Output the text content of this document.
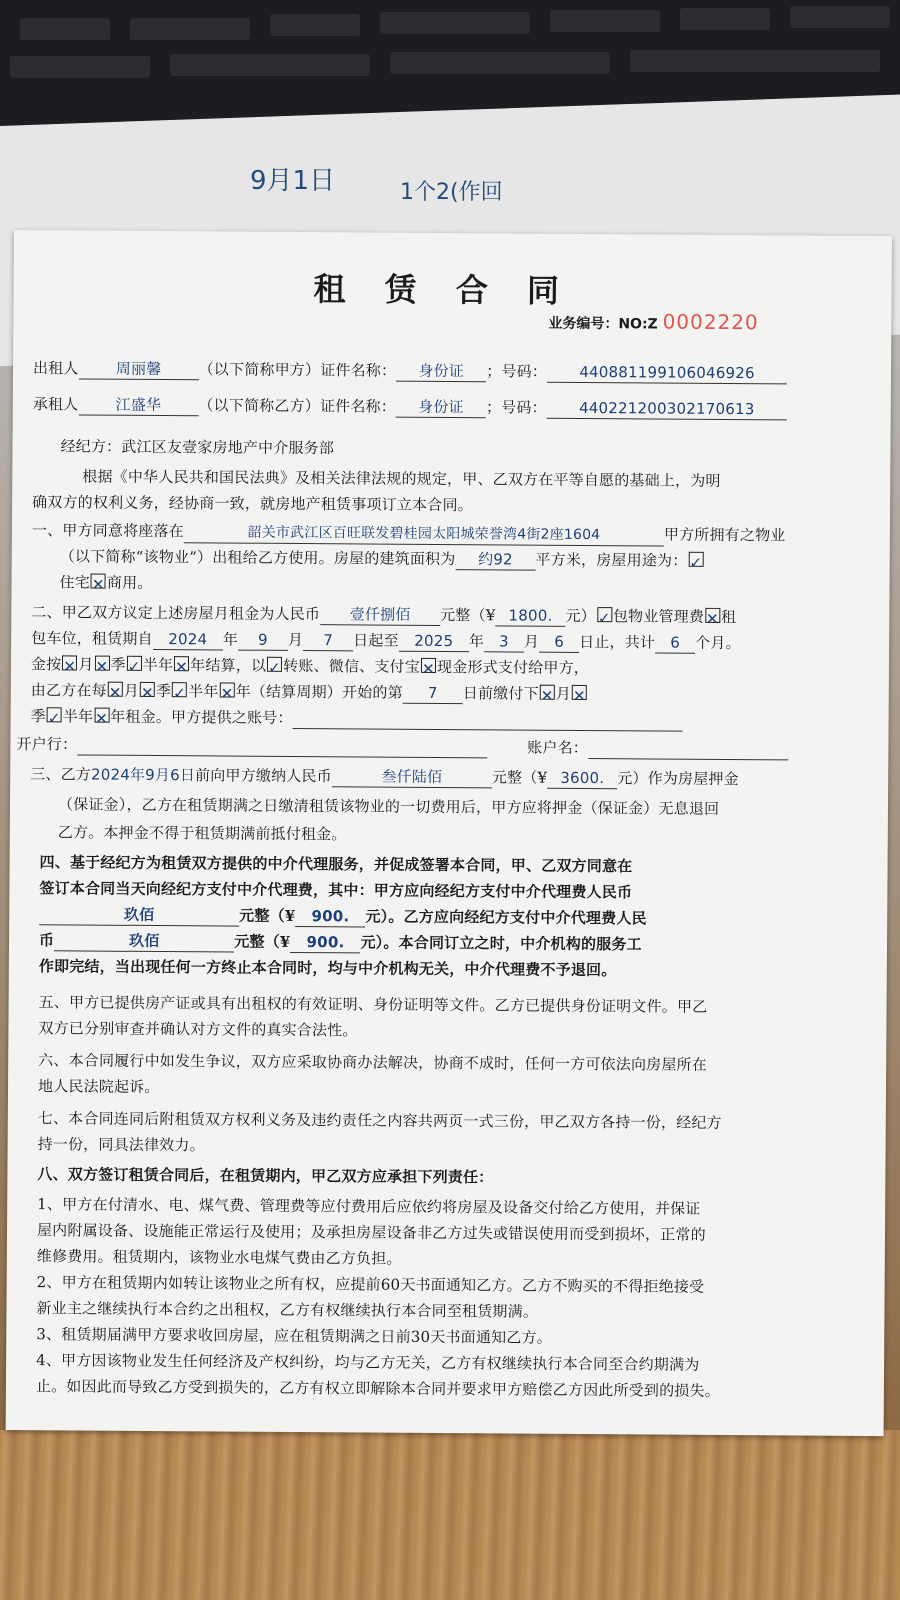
9月1日	1个2(作回
租 赁 合 同
业务编号：NO:Z 0002220
出租人 周丽馨 （以下简称甲方）证件名称： 身份证 ；号码： 440881199106046926
承租人 江盛华 （以下简称乙方）证件名称： 身份证 ；号码： 440221200302170613
经纪方：武江区友壹家房地产中介服务部
根据《中华人民共和国民法典》及相关法律法规的规定，甲、乙双方在平等自愿的基础上，为明
确双方的权利义务，经协商一致，就房地产租赁事项订立本合同。
一、甲方同意将座落在	韶关市武江区百旺联发碧桂园太阳城荣誉湾4街2座1604	甲方所拥有之物业
（以下简称“该物业”）出租给乙方使用。房屋的建筑面积为 约92 平方米，房屋用途为： ✓
住宅 ✕ 商用。
二、甲乙双方议定上述房屋月租金为人民币 壹仟捌佰 元整（¥ 1800. 元） ✓ 包物业管理费 ✕ 租
包车位，租赁期自 2024 年 9 月 7 日起至 2025 年 3 月 6 日止，共计 6 个月。
金按 ✕ 月 ✕ 季 ✓ 半年 ✕ 年结算，以 ✓ 转账、微信、支付宝 ✕ 现金形式支付给甲方，
由乙方在每 ✕ 月 ✕ 季 ✓ 半年 ✕ 年（结算周期）开始的第 7 日前缴付下 ✕ 月 ✕
季 ✓ 半年 ✕ 年租金。甲方提供之账号：
开户行：	账户名：
三、乙方2024年9月6日前向甲方缴纳人民币	叁仟陆佰	元整（¥ 3600. 元）作为房屋押金
（保证金），乙方在租赁期满之日缴清租赁该物业的一切费用后，甲方应将押金（保证金）无息退回
乙方。本押金不得于租赁期满前抵付租金。
四、基于经纪方为租赁双方提供的中介代理服务，并促成签署本合同，甲、乙双方同意在
签订本合同当天向经纪方支付中介代理费，其中：甲方应向经纪方支付中介代理费人民币
玖佰	元整（¥ 900. 元）。乙方应向经纪方支付中介代理费人民
币	玖佰	元整（¥ 900. 元）。本合同订立之时，中介机构的服务工
作即完结，当出现任何一方终止本合同时，均与中介机构无关，中介代理费不予退回。
五、甲方已提供房产证或具有出租权的有效证明、身份证明等文件。乙方已提供身份证明文件。甲乙
双方已分别审查并确认对方文件的真实合法性。
六、本合同履行中如发生争议，双方应采取协商办法解决，协商不成时，任何一方可依法向房屋所在
地人民法院起诉。
七、本合同连同后附租赁双方权利义务及违约责任之内容共两页一式三份，甲乙双方各持一份，经纪方
持一份，同具法律效力。
八、双方签订租赁合同后，在租赁期内，甲乙双方应承担下列责任：
1、甲方在付清水、电、煤气费、管理费等应付费用后应依约将房屋及设备交付给乙方使用，并保证
屋内附属设备、设施能正常运行及使用；及承担房屋设备非乙方过失或错误使用而受到损坏，正常的
维修费用。租赁期内，该物业水电煤气费由乙方负担。
2、甲方在租赁期内如转让该物业之所有权，应提前60天书面通知乙方。乙方不购买的不得拒绝接受
新业主之继续执行本合约之出租权，乙方有权继续执行本合同至租赁期满。
3、租赁期届满甲方要求收回房屋，应在租赁期满之日前30天书面通知乙方。
4、甲方因该物业发生任何经济及产权纠纷，均与乙方无关，乙方有权继续执行本合同至合约期满为
止。如因此而导致乙方受到损失的，乙方有权立即解除本合同并要求甲方赔偿乙方因此所受到的损失。
